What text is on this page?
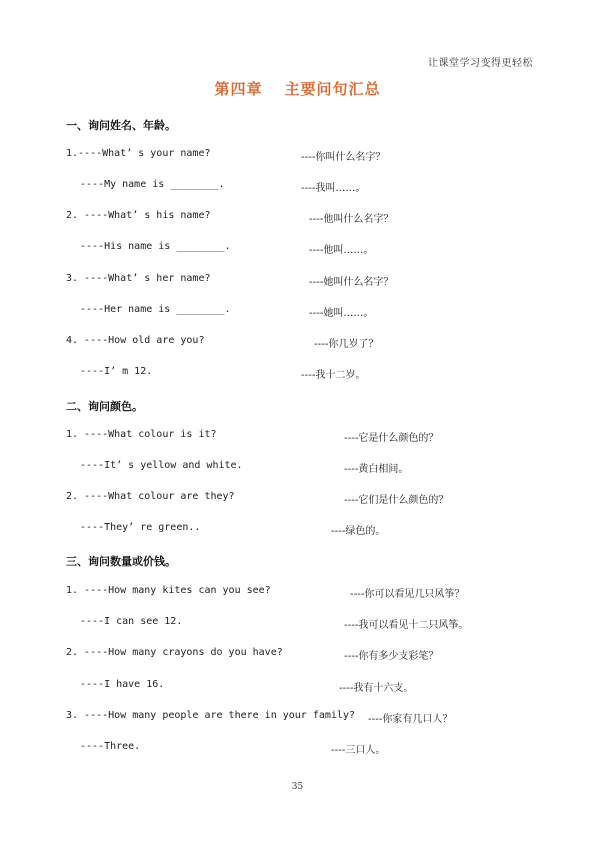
让课堂学习变得更轻松
第四章 主要问句汇总
一、询问姓名、年龄。
1.----What’ s your name?	----你叫什么名字？
----My name is ________.	----我叫……。
2. ----What’ s his name?	----他叫什么名字？
----His name is ________.	----他叫……。
3. ----What’ s her name?	----她叫什么名字？
----Her name is ________.	----她叫……。
4. ----How old are you?	----你几岁了？
----I’ m 12.	----我十二岁。
二、询问颜色。
1. ----What colour is it?	----它是什么颜色的？
----It’ s yellow and white.	----黄白相间。
2. ----What colour are they?	----它们是什么颜色的？
----They’ re green..	----绿色的。
三、询问数量或价钱。
1. ----How many kites can you see?	----你可以看见几只风筝？
----I can see 12.	----我可以看见十二只风筝。
2. ----How many crayons do you have?	----你有多少支彩笔？
----I have 16.	----我有十六支。
3. ----How many people are there in your family? ----你家有几口人？
----Three.	----三口人。
35
